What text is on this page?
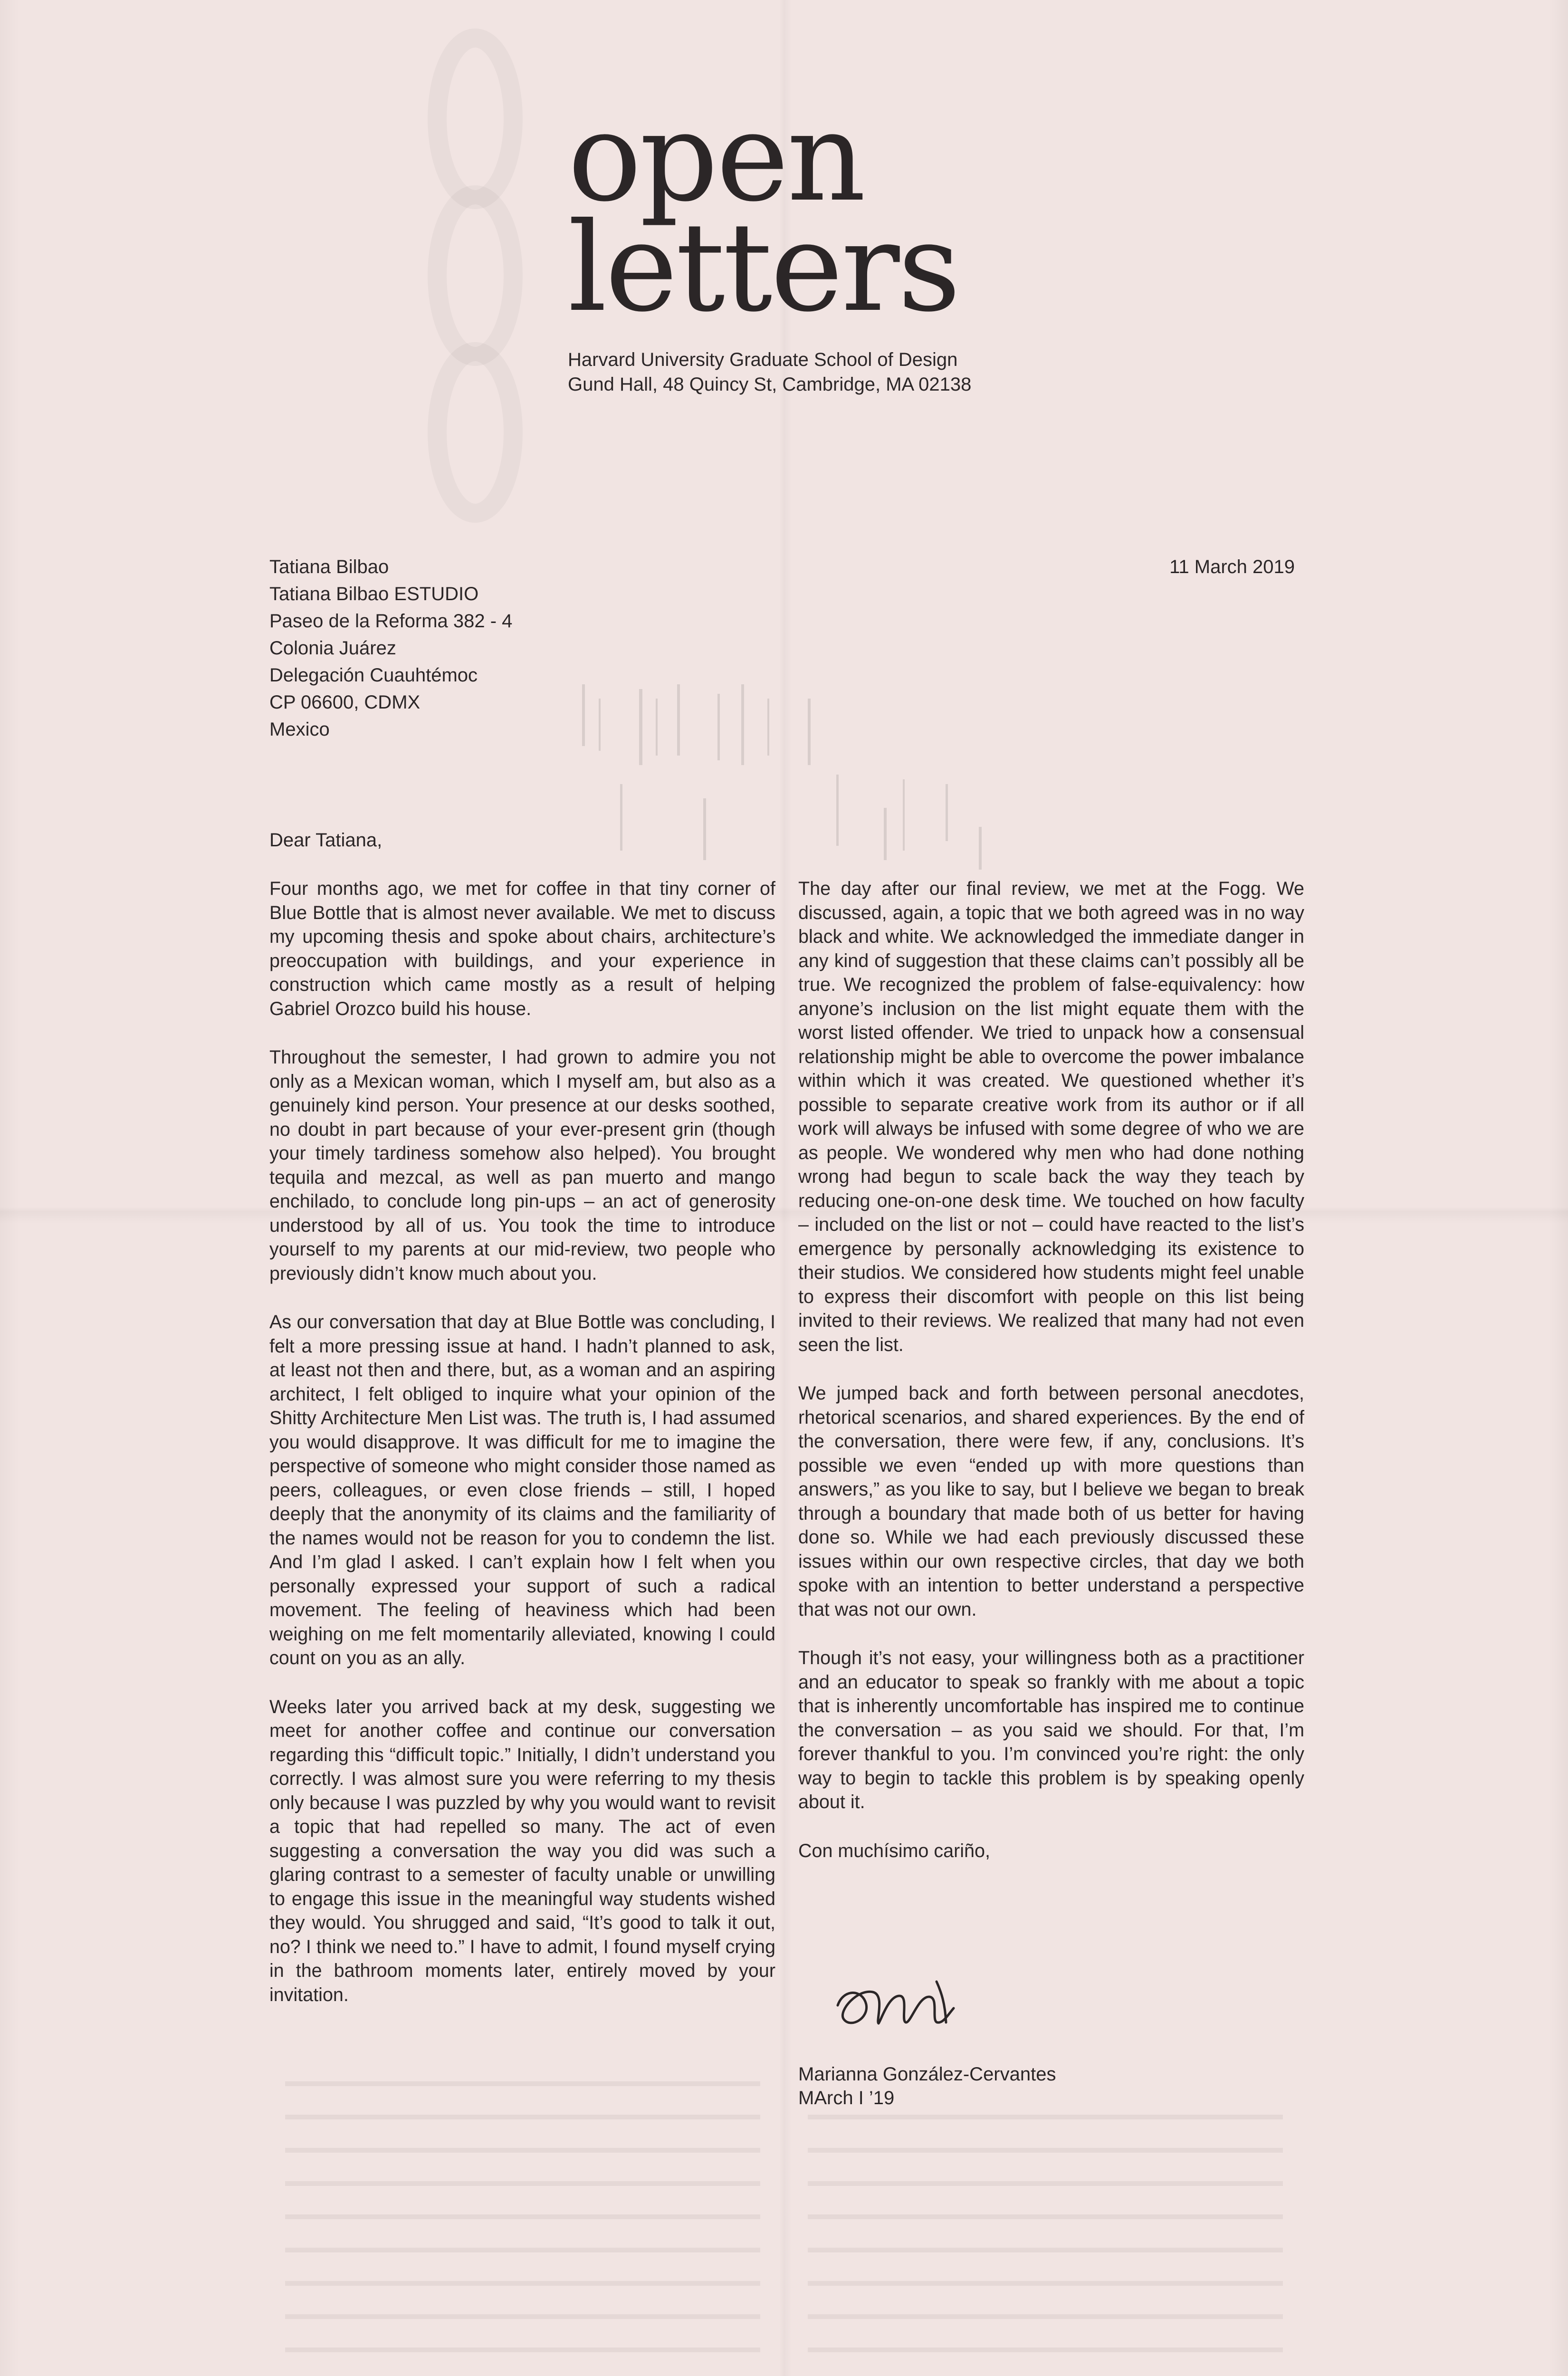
open
letters
Harvard University Graduate School of Design
Gund Hall, 48 Quincy St, Cambridge, MA 02138
Tatiana Bilbao
Tatiana Bilbao ESTUDIO
Paseo de la Reforma 382 - 4
Colonia Juárez
Delegación Cuauhtémoc
CP 06600, CDMX
Mexico
11 March 2019
Dear Tatiana,

Four months ago, we met for coffee in that tiny corner of Blue Bottle that is almost never available. We met to discuss my upcoming thesis and spoke about chairs, architecture’s preoccupation with buildings, and your experience in construction which came mostly as a result of helping Gabriel Orozco build his house.

Throughout the semester, I had grown to admire you not only as a Mexican woman, which I myself am, but also as a genuinely kind person. Your presence at our desks soothed, no doubt in part because of your ever-present grin (though your timely tardiness somehow also helped). You brought tequila and mezcal, as well as pan muerto and mango enchilado, to conclude long pin-ups – an act of generosity understood by all of us. You took the time to introduce yourself to my parents at our mid-review, two people who previously didn’t know much about you.

As our conversation that day at Blue Bottle was concluding, I felt a more pressing issue at hand. I hadn’t planned to ask, at least not then and there, but, as a woman and an aspiring architect, I felt obliged to inquire what your opinion of the Shitty Architecture Men List was. The truth is, I had assumed you would disapprove. It was difficult for me to imagine the perspective of someone who might consider those named as peers, colleagues, or even close friends – still, I hoped deeply that the anonymity of its claims and the familiarity of the names would not be reason for you to condemn the list. And I’m glad I asked. I can’t explain how I felt when you personally expressed your support of such a radical movement. The feeling of heaviness which had been weighing on me felt momentarily alleviated, knowing I could count on you as an ally.

Weeks later you arrived back at my desk, suggesting we meet for another coffee and continue our conversation regarding this “difficult topic.” Initially, I didn’t understand you correctly. I was almost sure you were referring to my thesis only because I was puzzled by why you would want to revisit a topic that had repelled so many. The act of even suggesting a conversation the way you did was such a glaring contrast to a semester of faculty unable or unwilling to engage this issue in the meaningful way students wished they would. You shrugged and said, “It’s good to talk it out, no? I think we need to.” I have to admit, I found myself crying in the bathroom moments later, entirely moved by your invitation.

The day after our final review, we met at the Fogg. We discussed, again, a topic that we both agreed was in no way black and white. We acknowledged the immediate danger in any kind of suggestion that these claims can’t possibly all be true. We recognized the problem of false-equivalency: how anyone’s inclusion on the list might equate them with the worst listed offender. We tried to unpack how a consensual relationship might be able to overcome the power imbalance within which it was created. We questioned whether it’s possible to separate creative work from its author or if all work will always be infused with some degree of who we are as people. We wondered why men who had done nothing wrong had begun to scale back the way they teach by reducing one-on-one desk time. We touched on how faculty – included on the list or not – could have reacted to the list’s emergence by personally acknowledging its existence to their studios. We considered how students might feel unable to express their discomfort with people on this list being invited to their reviews. We realized that many had not even seen the list.

We jumped back and forth between personal anecdotes, rhetorical scenarios, and shared experiences. By the end of the conversation, there were few, if any, conclusions. It’s possible we even “ended up with more questions than answers,” as you like to say, but I believe we began to break through a boundary that made both of us better for having done so. While we had each previously discussed these issues within our own respective circles, that day we both spoke with an intention to better understand a perspective that was not our own.

Though it’s not easy, your willingness both as a practitioner and an educator to speak so frankly with me about a topic that is inherently uncomfortable has inspired me to continue the conversation – as you said we should. For that, I’m forever thankful to you. I’m convinced you’re right: the only way to begin to tackle this problem is by speaking openly about it.

Con muchísimo cariño,

Marianna González-Cervantes
MArch I ’19
